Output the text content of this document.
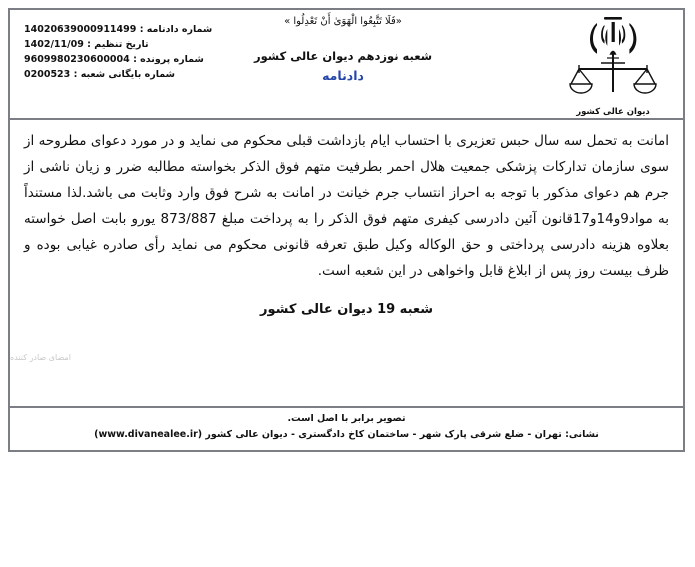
دیوان عالی کشور
«فَلَا تَتَّبِعُوا الْهَوَىٰ أَنْ تَعْدِلُوا »
شعبه نوزدهم دیوان عالی کشور
دادنامه
شماره دادنامه : 14020639000911499
تاریخ تنظیم : 1402/11/09
شماره پرونده : 9609980230600004
شماره بایگانی شعبه : 0200523

امانت به تحمل سه سال حبس تعزیری با احتساب ایام بازداشت قبلی محکوم می نماید و در مورد دعوای مطروحه از سوی سازمان تدارکات پزشکی جمعیت هلال احمر بطرفیت متهم فوق الذکر بخواسته مطالبه ضرر و زیان ناشی از جرم هم دعوای مذکور با توجه به احراز انتساب جرم خیانت در امانت به شرح فوق وارد وثابت می باشد.لذا مستنداً به مواد9و14و17قانون آئین دادرسی کیفری متهم فوق الذکر را به پرداخت مبلغ 873/887 یورو بابت اصل خواسته بعلاوه هزینه دادرسی پرداختی و حق الوکاله وکیل طبق تعرفه قانونی محکوم می نماید رأی صادره غیابی بوده و ظرف بیست روز پس از ابلاغ قابل واخواهی در این شعبه است.

شعبه 19 دیوان عالی کشور
امضای صادر کننده
تصویر برابر با اصل است.
نشانی: تهران - ضلع شرقی پارک شهر - ساختمان کاخ دادگستری - دیوان عالی کشور (www.divanealee.ir)
